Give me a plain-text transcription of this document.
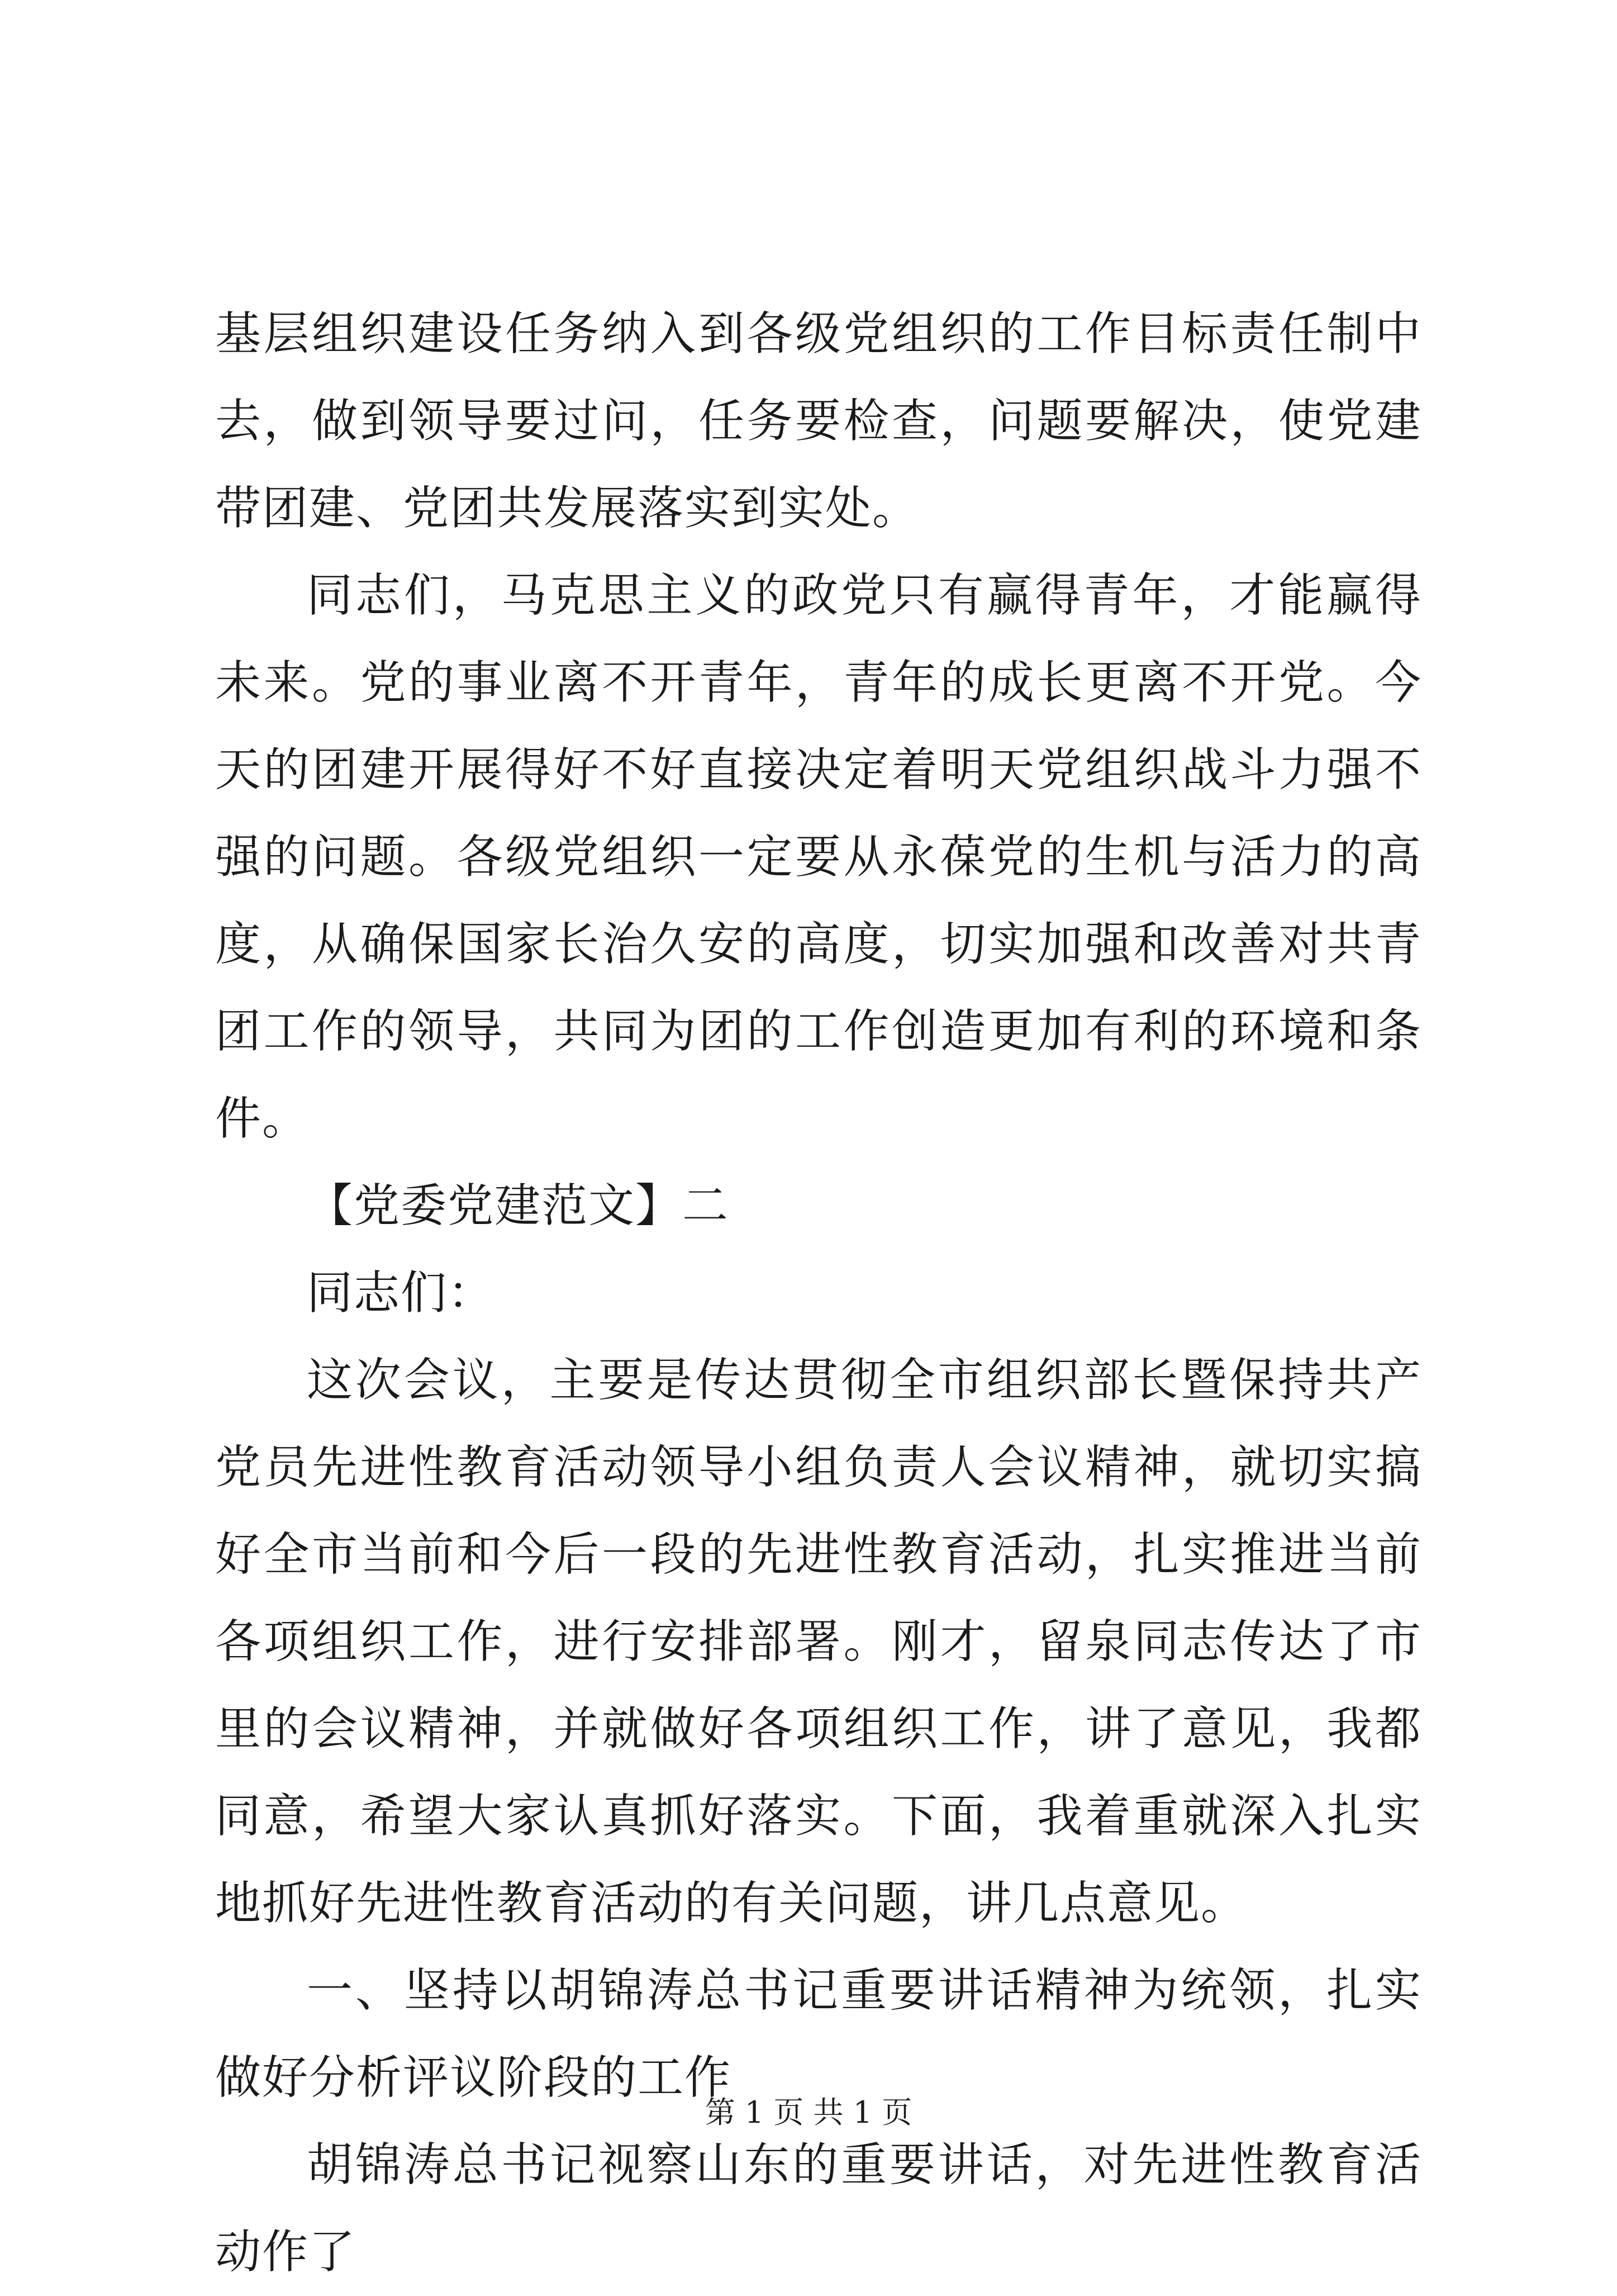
基层组织建设任务纳入到各级党组织的工作目标责任制中去，做到领导要过问，任务要检查，问题要解决，使党建带团建、党团共发展落实到实处。

同志们，马克思主义的政党只有赢得青年，才能赢得未来。党的事业离不开青年，青年的成长更离不开党。今天的团建开展得好不好直接决定着明天党组织战斗力强不强的问题。各级党组织一定要从永葆党的生机与活力的高度，从确保国家长治久安的高度，切实加强和改善对共青团工作的领导，共同为团的工作创造更加有利的环境和条件。

【党委党建范文】二

同志们：

这次会议，主要是传达贯彻全市组织部长暨保持共产党员先进性教育活动领导小组负责人会议精神，就切实搞好全市当前和今后一段的先进性教育活动，扎实推进当前各项组织工作，进行安排部署。刚才，留泉同志传达了市里的会议精神，并就做好各项组织工作，讲了意见，我都同意，希望大家认真抓好落实。下面，我着重就深入扎实地抓好先进性教育活动的有关问题，讲几点意见。

一、坚持以胡锦涛总书记重要讲话精神为统领，扎实做好分析评议阶段的工作

胡锦涛总书记视察山东的重要讲话，对先进性教育活动作了

第 1 页 共 1 页
